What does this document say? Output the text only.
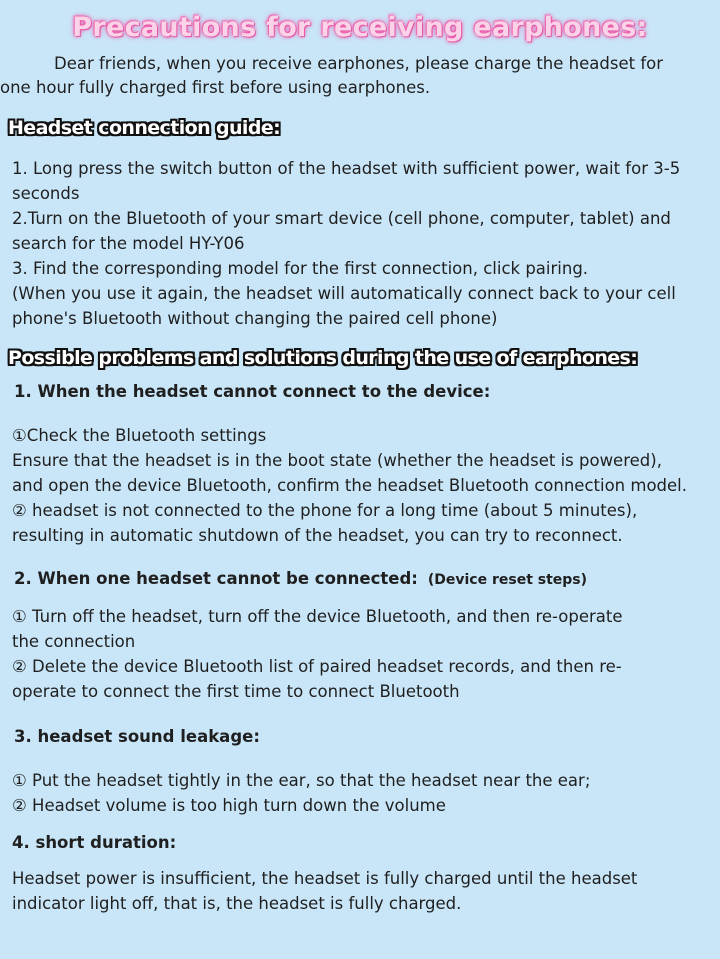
Precautions for receiving earphones:

Dear friends, when you receive earphones, please charge the headset for
one hour fully charged first before using earphones.

Headset connection guide:
1. Long press the switch button of the headset with sufficient power, wait for 3-5
seconds
2.Turn on the Bluetooth of your smart device (cell phone, computer, tablet) and
search for the model HY-Y06
3. Find the corresponding model for the first connection, click pairing.
(When you use it again, the headset will automatically connect back to your cell
phone's Bluetooth without changing the paired cell phone)
Possible problems and solutions during the use of earphones:
1. When the headset cannot connect to the device:
①Check the Bluetooth settings
Ensure that the headset is in the boot state (whether the headset is powered),
and open the device Bluetooth, confirm the headset Bluetooth connection model.
② headset is not connected to the phone for a long time (about 5 minutes),
resulting in automatic shutdown of the headset, you can try to reconnect.
2. When one headset cannot be connected: (Device reset steps)
① Turn off the headset, turn off the device Bluetooth, and then re-operate
the connection
② Delete the device Bluetooth list of paired headset records, and then re-
operate to connect the first time to connect Bluetooth
3. headset sound leakage:
① Put the headset tightly in the ear, so that the headset near the ear;
② Headset volume is too high turn down the volume
4. short duration:
Headset power is insufficient, the headset is fully charged until the headset
indicator light off, that is, the headset is fully charged.
